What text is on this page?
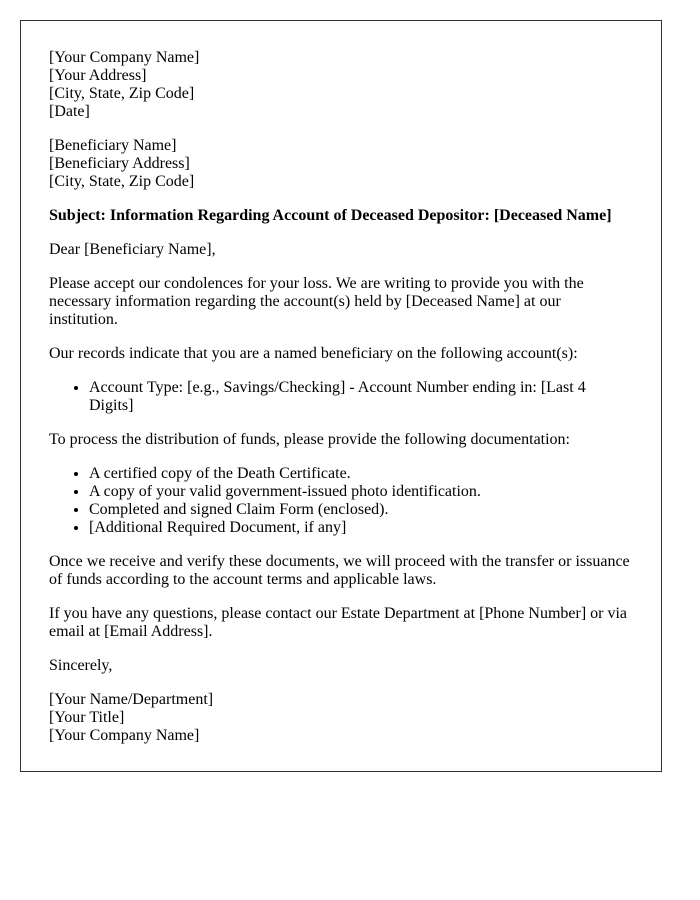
[Your Company Name]
[Your Address]
[City, State, Zip Code]
[Date]

[Beneficiary Name]
[Beneficiary Address]
[City, State, Zip Code]

Subject: Information Regarding Account of Deceased Depositor: [Deceased Name]

Dear [Beneficiary Name],

Please accept our condolences for your loss. We are writing to provide you with the necessary information regarding the account(s) held by [Deceased Name] at our institution.

Our records indicate that you are a named beneficiary on the following account(s):

• Account Type: [e.g., Savings/Checking] - Account Number ending in: [Last 4 Digits]

To process the distribution of funds, please provide the following documentation:

• A certified copy of the Death Certificate.
• A copy of your valid government-issued photo identification.
• Completed and signed Claim Form (enclosed).
• [Additional Required Document, if any]

Once we receive and verify these documents, we will proceed with the transfer or issuance of funds according to the account terms and applicable laws.

If you have any questions, please contact our Estate Department at [Phone Number] or via email at [Email Address].

Sincerely,

[Your Name/Department]
[Your Title]
[Your Company Name]
